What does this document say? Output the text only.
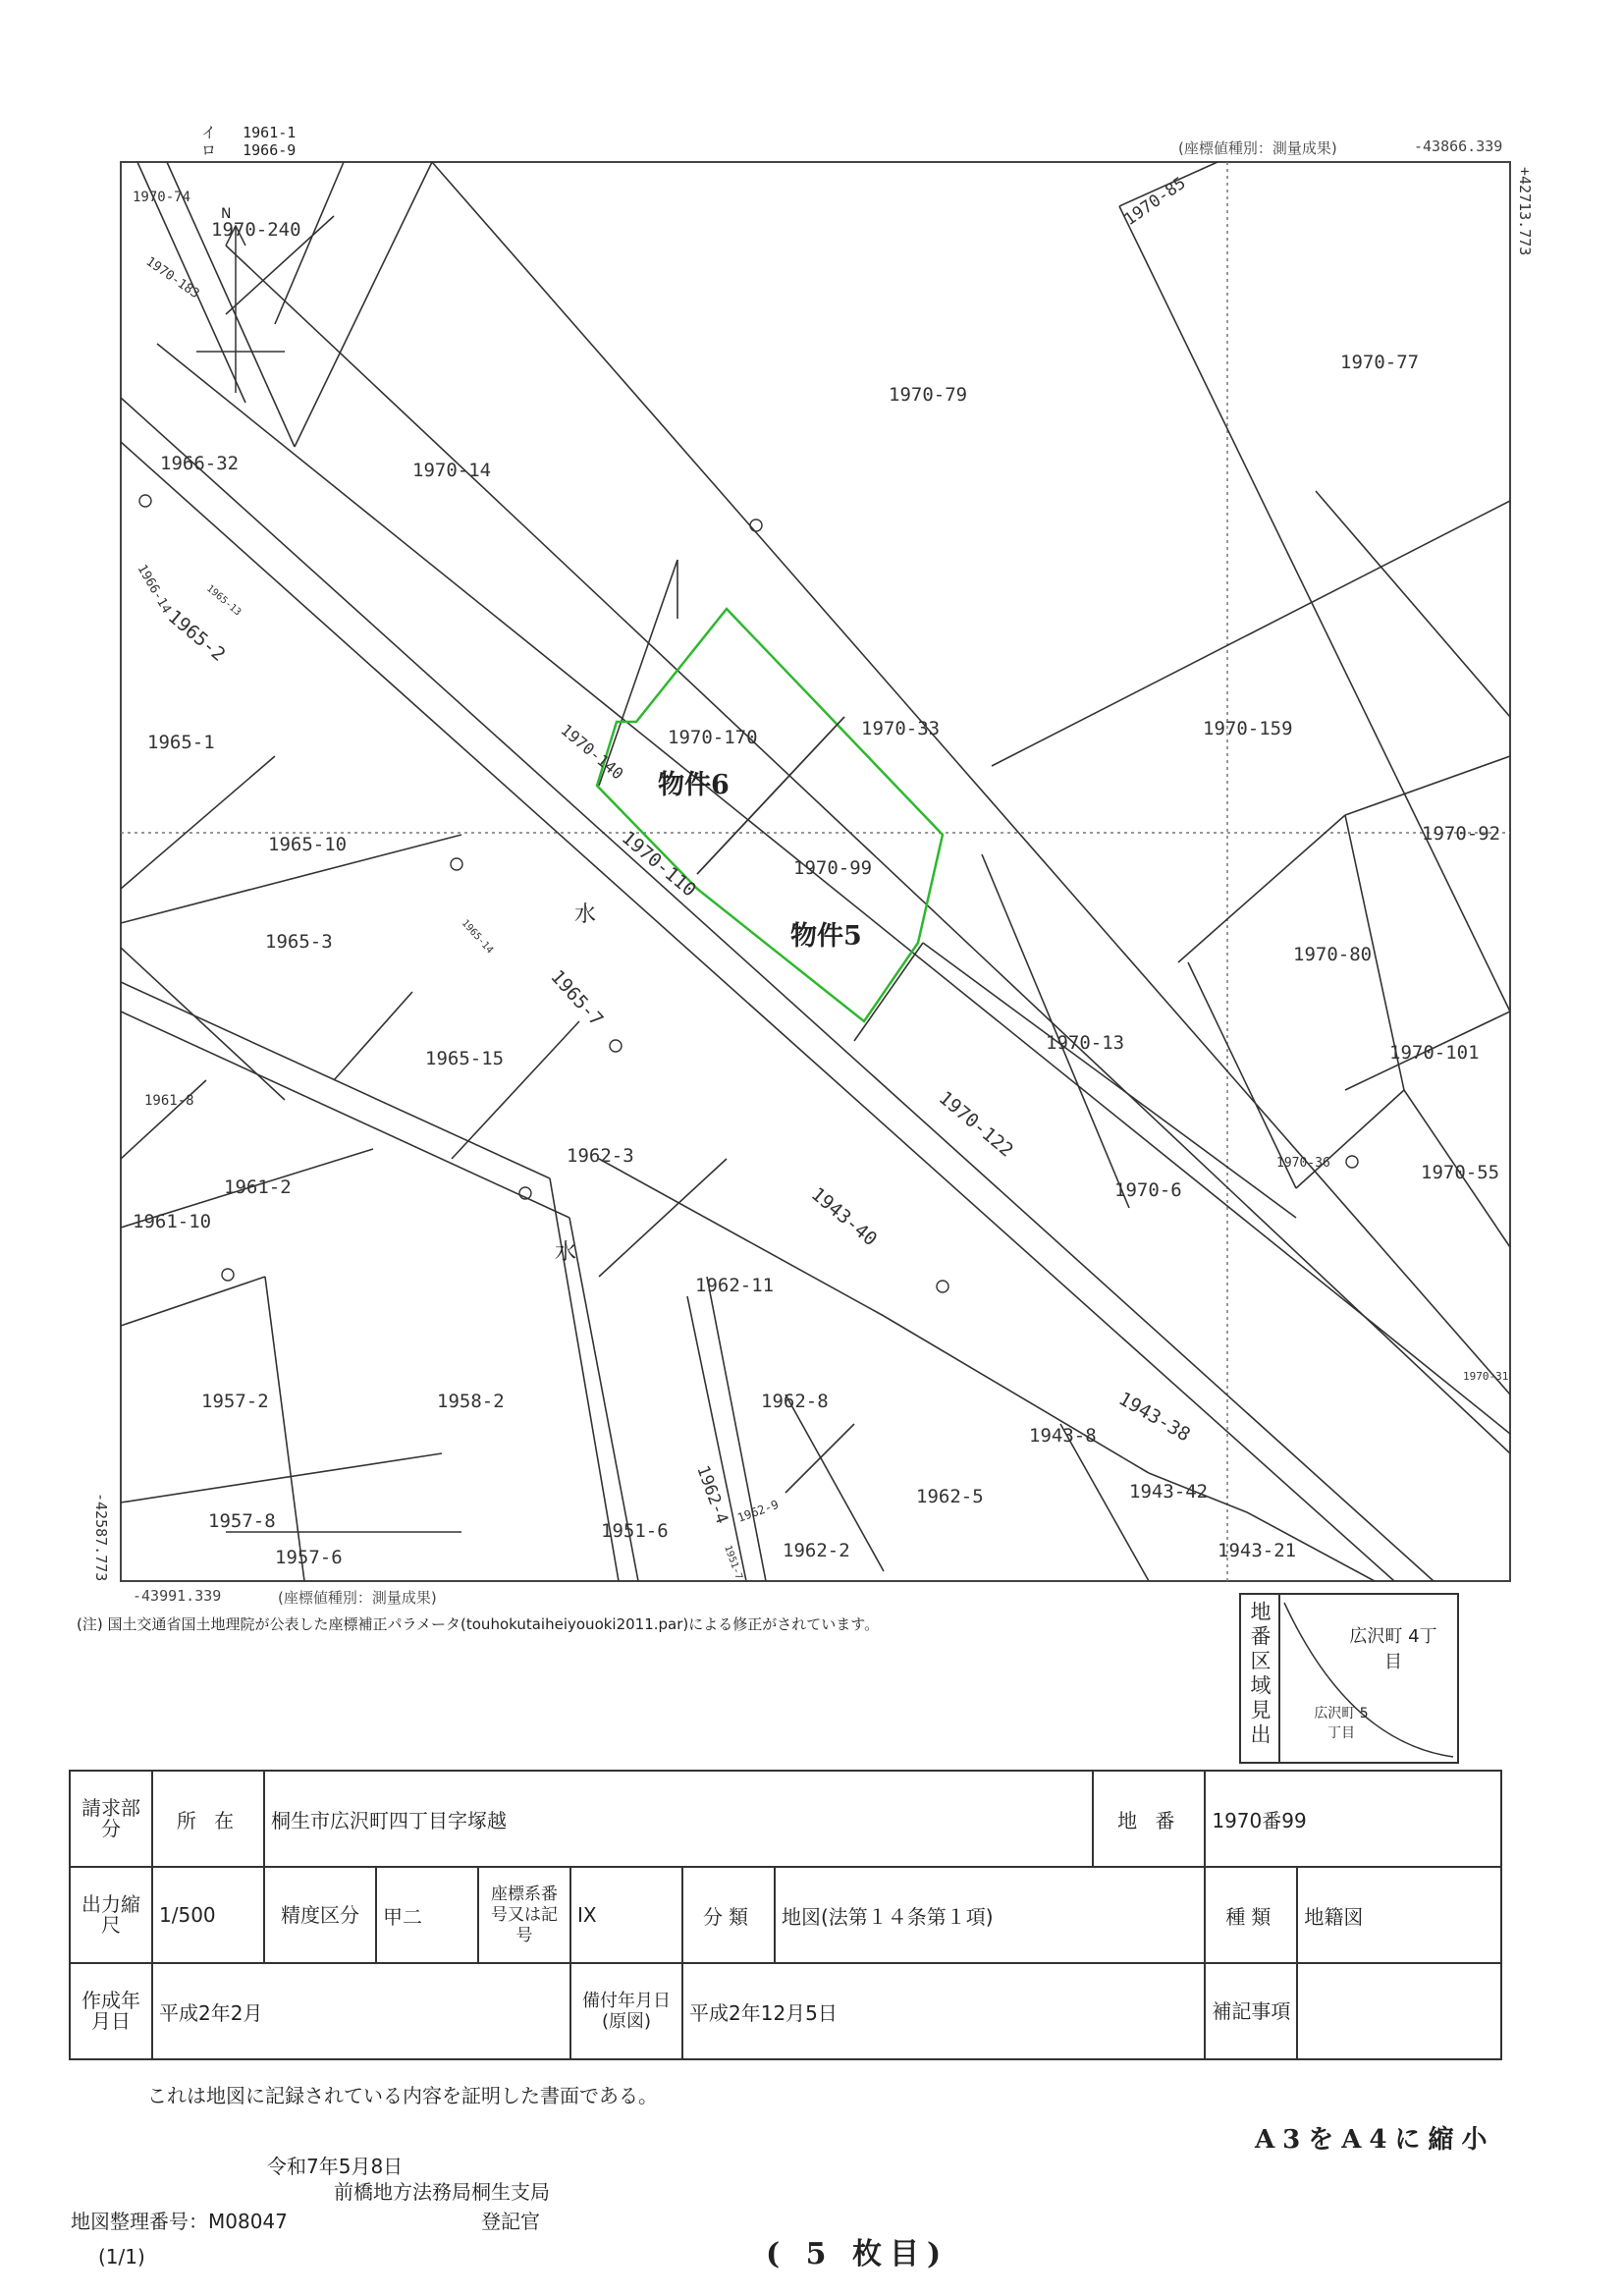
1970-74
1970-240
1970-183
1970-85
1970-77
1970-79
1970-14
1966-32
1966-14	1965-13
1965-2
1970-140 1970-170	1970-33	1970-159
1965-1
1970-92
1965-10	1970-110	1970-99
1965-3	1965-14	1970-80
1965-7
1970-13	1970-101
1965-15
1961-8	1970-122
1962-3	1970-36	1970-55
1961-2	1970-6
1943-40
1961-10
1962-11
1970-31
1957-2	1958-2	1962-8	1943-38
1943-8
1962-4	1943-42
1962-5
1957-8	1962-9
1951-6
1951-7 1962-2	1943-21
1957-6
物件6
物件5
水
水
N	+42713.773
-42587.773
イ 1961-1
ロ 1966-9	(座標値種別：測量成果)	-43866.339
-43991.339	(座標値種別：測量成果)
(注) 国土交通省国土地理院が公表した座標補正パラメータ(touhokutaiheiyouoki2011.par)による修正がされています。	地番区域見出	広沢町 4丁目
広沢町 5丁目
請求部分	所 在	桐生市広沢町四丁目字塚越						地 番	1970番99	
出力縮尺	1/500	精度区分	甲二	座標系番号又は記号	IX	分類	地図(法第１４条第１項)		種類	地籍図
作成年月日	平成2年2月				備付年月日(原図)	平成2年12月5日			補記事項	
これは地図に記録されている内容を証明した書面である。
令和7年5月8日
前橋地方法務局桐生支局
地図整理番号：M08047	登記官
(1/1)
A3をA4に縮小
( 5 枚目)
